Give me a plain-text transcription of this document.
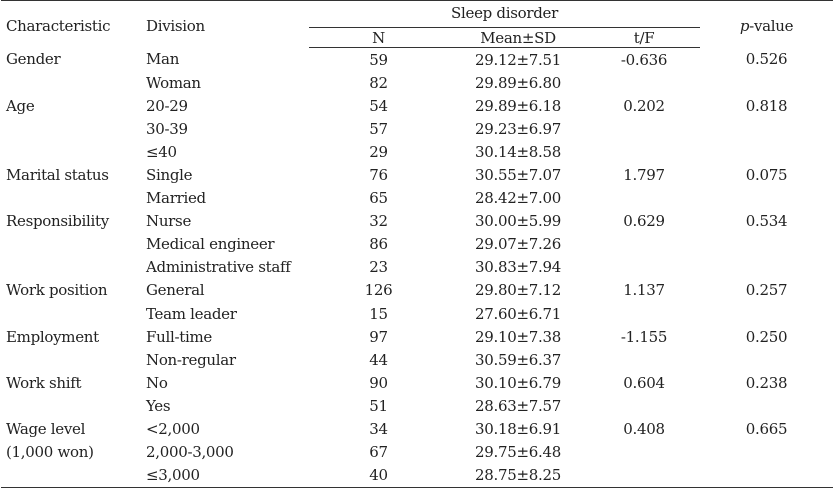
Characteristic	Division	Sleep disorder			p-value
		N	Mean±SD	t/F	
Gender	Man	59	29.12±7.51	-0.636	0.526
	Woman	82	29.89±6.80		
Age	20-29	54	29.89±6.18	0.202	0.818
	30-39	57	29.23±6.97		
	≤40	29	30.14±8.58		
Marital status	Single	76	30.55±7.07	1.797	0.075
	Married	65	28.42±7.00		
Responsibility	Nurse	32	30.00±5.99	0.629	0.534
	Medical engineer	86	29.07±7.26		
	Administrative staff	23	30.83±7.94		
Work position	General	126	29.80±7.12	1.137	0.257
	Team leader	15	27.60±6.71		
Employment	Full-time	97	29.10±7.38	-1.155	0.250
	Non-regular	44	30.59±6.37		
Work shift	No	90	30.10±6.79	0.604	0.238
	Yes	51	28.63±7.57		
Wage level	<2,000	34	30.18±6.91	0.408	0.665
(1,000 won)	2,000-3,000	67	29.75±6.48		
	≤3,000	40	28.75±8.25		
